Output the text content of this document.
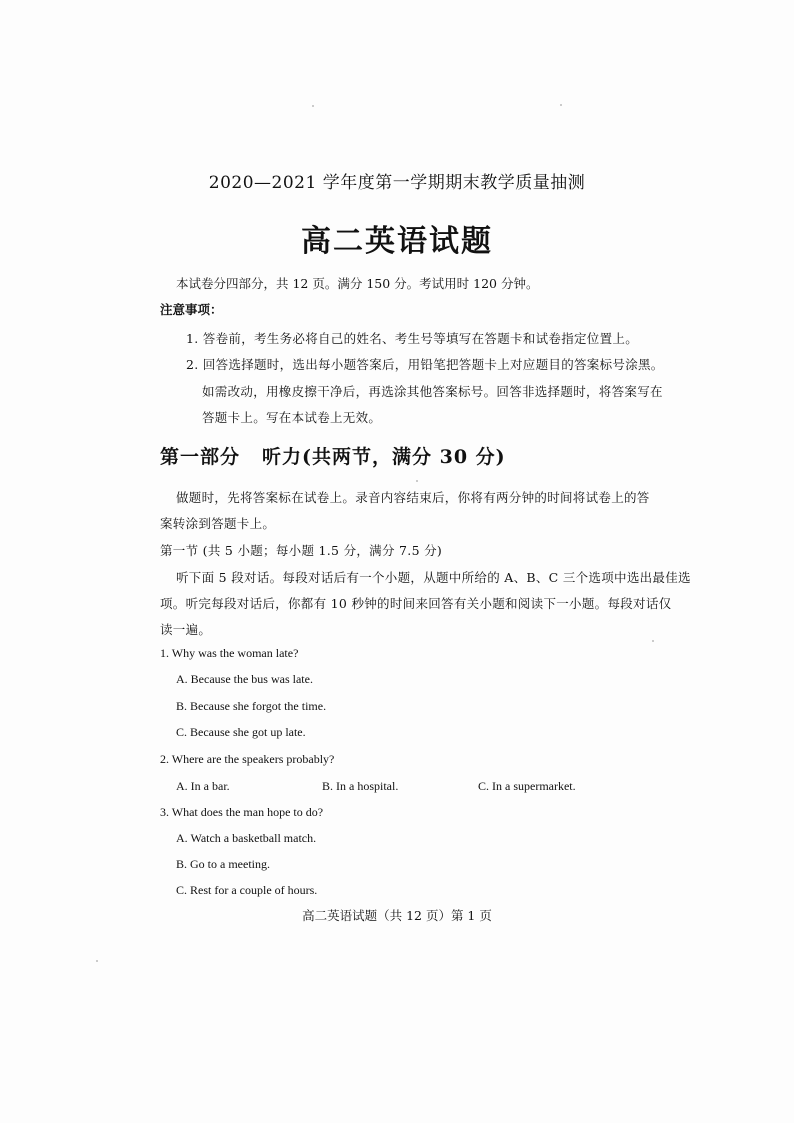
2020—2021 学年度第一学期期末教学质量抽测
高二英语试题
本试卷分四部分，共 12 页。满分 150 分。考试用时 120 分钟。
注意事项：
1. 答卷前，考生务必将自己的姓名、考生号等填写在答题卡和试卷指定位置上。
2. 回答选择题时，选出每小题答案后，用铅笔把答题卡上对应题目的答案标号涂黑。
如需改动，用橡皮擦干净后，再选涂其他答案标号。回答非选择题时，将答案写在
答题卡上。写在本试卷上无效。
第一部分 听力(共两节，满分 30 分)
做题时，先将答案标在试卷上。录音内容结束后，你将有两分钟的时间将试卷上的答
案转涂到答题卡上。
第一节 (共 5 小题；每小题 1.5 分，满分 7.5 分)
听下面 5 段对话。每段对话后有一个小题，从题中所给的 A、B、C 三个选项中选出最佳选
项。听完每段对话后，你都有 10 秒钟的时间来回答有关小题和阅读下一小题。每段对话仅
读一遍。
1. Why was the woman late?
A. Because the bus was late.
B. Because she forgot the time.
C. Because she got up late.
2. Where are the speakers probably?
A. In a bar.	B. In a hospital.	C. In a supermarket.
3. What does the man hope to do?
A. Watch a basketball match.
B. Go to a meeting.
C. Rest for a couple of hours.
高二英语试题（共 12 页）第 1 页
